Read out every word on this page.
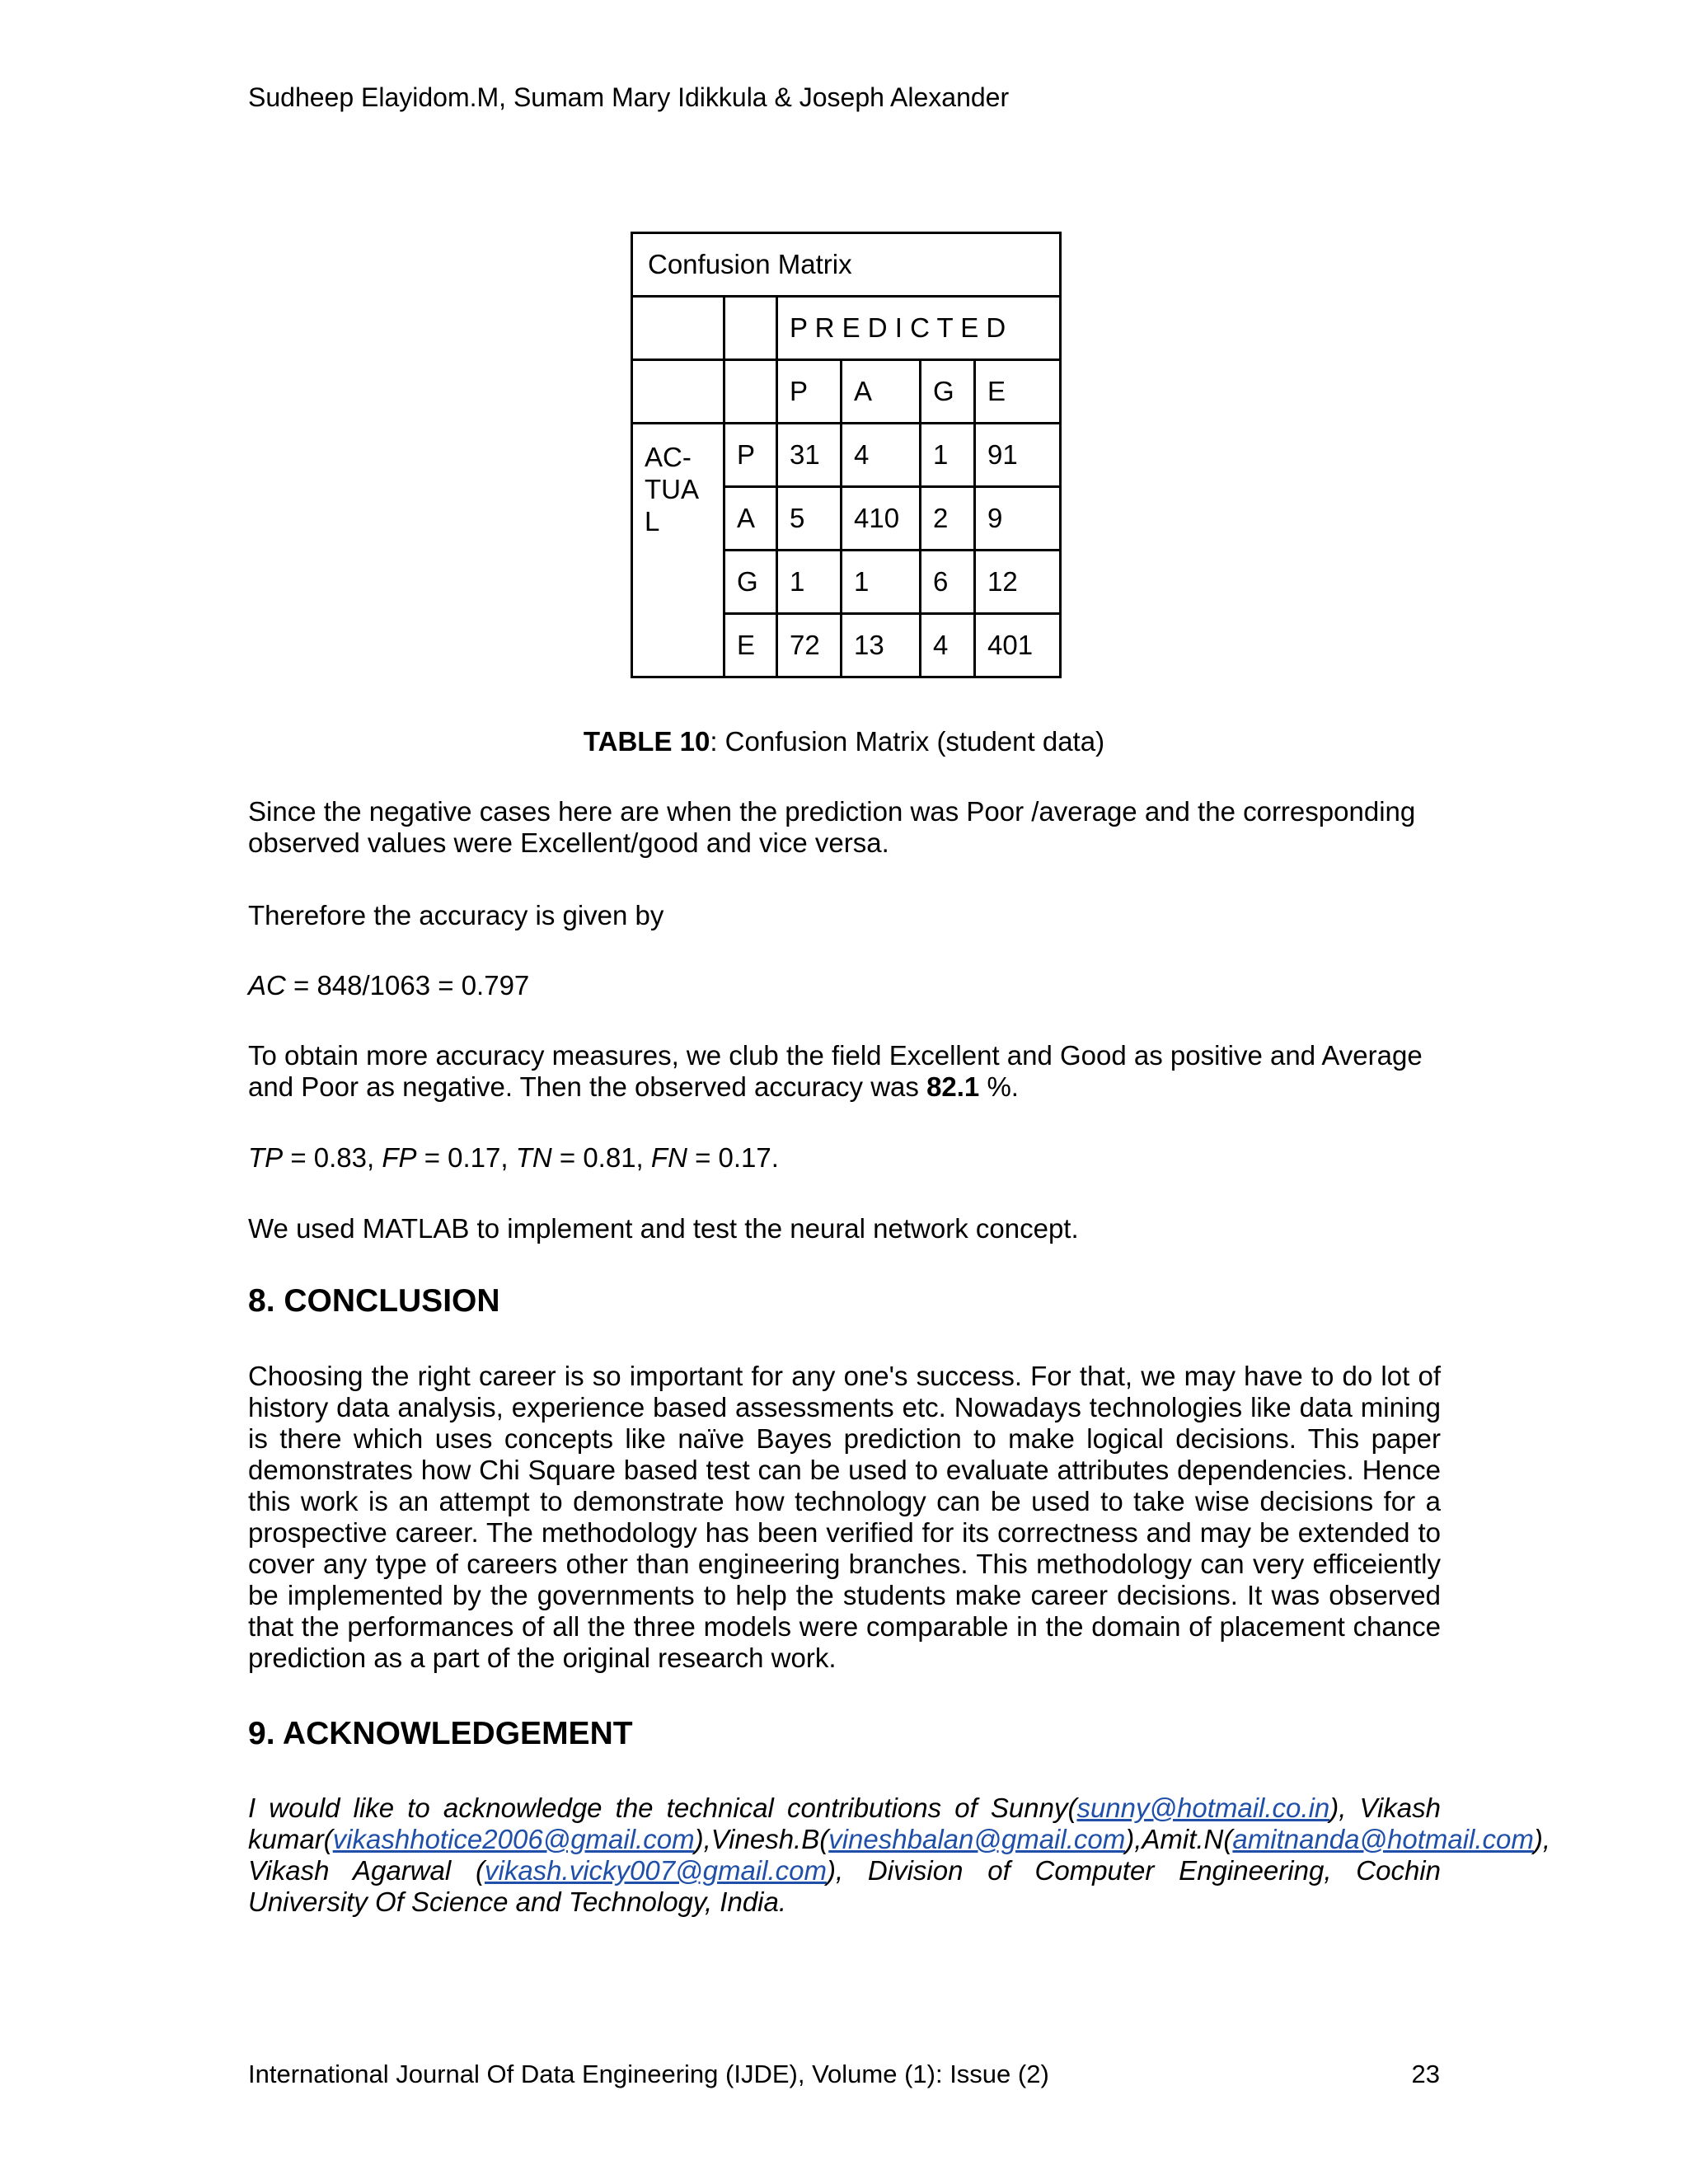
Sudheep Elayidom.M, Sumam Mary Idikkula & Joseph Alexander
Confusion Matrix					
		P R E D I C T E D			
		P	A	G	E
AC-
TUA
L	P	31	4	1	91
	A	5	410	2	9
	G	1	1	6	12
	E	72	13	4	401
TABLE 10: Confusion Matrix (student data)
Since the negative cases here are when the prediction was Poor /average and the corresponding observed values were Excellent/good and vice versa.
Therefore the accuracy is given by
AC = 848/1063 = 0.797
To obtain more accuracy measures, we club the field Excellent and Good as positive and Average and Poor as negative. Then the observed accuracy was 82.1 %.
TP = 0.83, FP = 0.17, TN = 0.81, FN = 0.17.
We used MATLAB to implement and test the neural network concept.
8. CONCLUSION
Choosing the right career is so important for any one's success. For that, we may have to do lot of history data analysis, experience based assessments etc. Nowadays technologies like data mining is there which uses concepts like naïve Bayes prediction to make logical decisions. This paper demonstrates how Chi Square based test can be used to evaluate attributes dependencies. Hence this work is an attempt to demonstrate how technology can be used to take wise decisions for a prospective career. The methodology has been verified for its correctness and may be extended to cover any type of careers other than engineering branches. This methodology can very efficeiently be implemented by the governments to help the students make career decisions. It was observed that the performances of all the three models were comparable in the domain of placement chance prediction as a part of the original research work.
9. ACKNOWLEDGEMENT
I would like to acknowledge the technical contributions of Sunny(sunny@hotmail.co.in), Vikash kumar(vikashhotice2006@gmail.com),Vinesh.B(vineshbalan@gmail.com),Amit.N(amitnanda@hotmail.com), Vikash Agarwal (vikash.vicky007@gmail.com), Division of Computer Engineering, Cochin University Of Science and Technology, India.
International Journal Of Data Engineering (IJDE), Volume (1): Issue (2)	23
